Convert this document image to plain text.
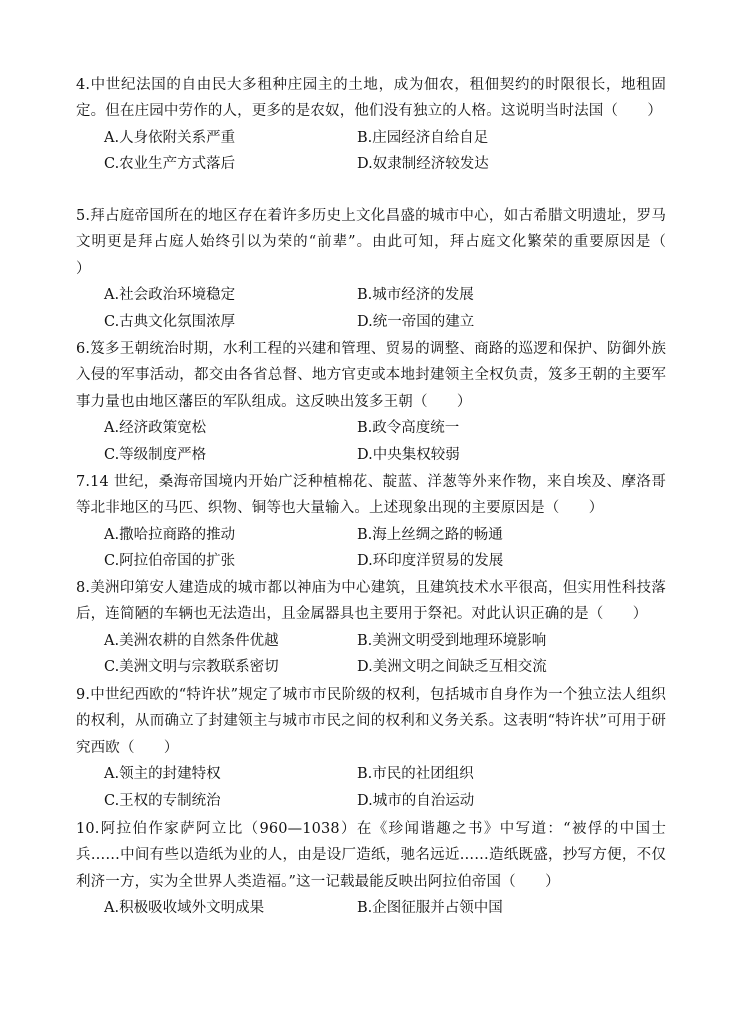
4.中世纪法国的自由民大多租种庄园主的土地，成为佃农，租佃契约的时限很长，地租固定。但在庄园中劳作的人，更多的是农奴，他们没有独立的人格。这说明当时法国（　　）

A.人身依附关系严重	B.庄园经济自给自足
C.农业生产方式落后	D.奴隶制经济较发达

5.拜占庭帝国所在的地区存在着许多历史上文化昌盛的城市中心，如古希腊文明遗址，罗马文明更是拜占庭人始终引以为荣的“前辈”。由此可知，拜占庭文化繁荣的重要原因是（　　）

A.社会政治环境稳定	B.城市经济的发展
C.古典文化氛围浓厚	D.统一帝国的建立

6.笈多王朝统治时期，水利工程的兴建和管理、贸易的调整、商路的巡逻和保护、防御外族入侵的军事活动，都交由各省总督、地方官吏或本地封建领主全权负责，笈多王朝的主要军事力量也由地区藩臣的军队组成。这反映出笈多王朝（　　）

A.经济政策宽松	B.政令高度统一
C.等级制度严格	D.中央集权较弱

7.14 世纪，桑海帝国境内开始广泛种植棉花、靛蓝、洋葱等外来作物，来自埃及、摩洛哥等北非地区的马匹、织物、铜等也大量输入。上述现象出现的主要原因是（　　）

A.撒哈拉商路的推动	B.海上丝绸之路的畅通
C.阿拉伯帝国的扩张	D.环印度洋贸易的发展

8.美洲印第安人建造成的城市都以神庙为中心建筑，且建筑技术水平很高，但实用性科技落后，连简陋的车辆也无法造出，且金属器具也主要用于祭祀。对此认识正确的是（　　）

A.美洲农耕的自然条件优越	B.美洲文明受到地理环境影响
C.美洲文明与宗教联系密切	D.美洲文明之间缺乏互相交流

9.中世纪西欧的“特许状”规定了城市市民阶级的权利，包括城市自身作为一个独立法人组织的权利，从而确立了封建领主与城市市民之间的权利和义务关系。这表明“特许状”可用于研究西欧（　　）

A.领主的封建特权	B.市民的社团组织
C.王权的专制统治	D.城市的自治运动

10.阿拉伯作家萨阿立比（960—1038）在《珍闻谐趣之书》中写道：“被俘的中国士兵……中间有些以造纸为业的人，由是设厂造纸，驰名远近……造纸既盛，抄写方便，不仅利济一方，实为全世界人类造福。”这一记载最能反映出阿拉伯帝国（　　）

A.积极吸收域外文明成果	B.企图征服并占领中国
